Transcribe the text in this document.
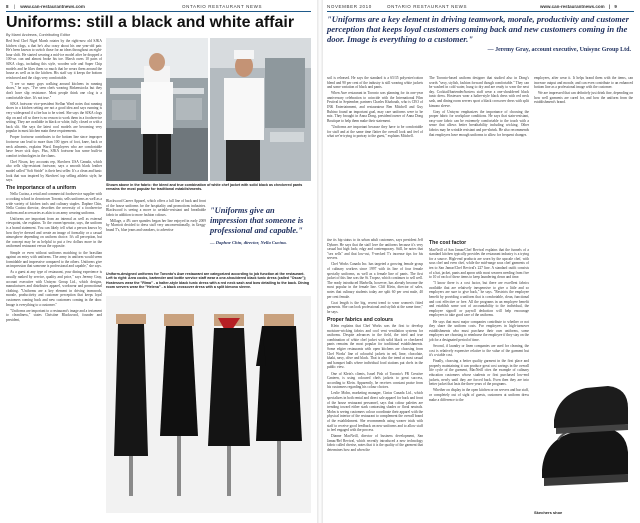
8 | www.can-restaurantnews.com	ONTARIO RESTAURANT NEWS
Uniforms: still a black and white affair
By Marni Andrews, Contributing Editor

Red Seal Chef Nigel Marsh rotates by the right-now old SJKA kitchen clogs, a that he's also crazy about his one year-old pair. He's been known to switch those for an ideas throughout an eight-hour shift. He started wearing a mid-ice model after he dropped a 100-oz. can and almost broke his toe. Marsh owns 10 pairs of SJKA clogs, including this style, wooden sole and Super Chip models and he likes them so much that he wears them around the house as well as in the kitchen. His staff say it keeps the bottom reinforced and the clogs very comfortable.

"I see so many guys walking around kitchens in running shoes," he says. "I've seen chefs wearing Birkenstocks but they don't have slip resistance. Most people think one clog is a comfortable shoe. It's not true."

SJKA footwear vice-president Stellan Ward notes that running shoes in a kitchen setting are not a good idea and says running is very widespread if a fire has to be wired. She says the SJKA clogs slip on and off so there is no reason to work them in a foodservice setting. They are available in black or white, fully closed or with a back slit. She says the latest cool models are becoming very popular in most kitchen main these requirements.

Proper footwear contributes to the bottom line since improper footwear can lead to more than 100 types of foot, knee, back or neck ailments, explains Ward. Employees who are comfortable have fewer sick days. Plus, SJKA footwear has some built-in comfort technologies in the clams.

Chef Nixon, key accounts rep, Skechers USA Canada, which also sells slip-resistant footwear, says a smooth black leather model called "Soft Stride" is their best seller. It's a clean and basic look that was inspired by Skechers' top selling athletic style, he says.

The importance of a uniform

Nella Cucina, a retail and commercial foodservice supplier with a cooking school in downtown Toronto, sells uniforms as well as a wide variety of kitchen tools and culinary staples. Daphne Chin, Nella Cucina director, describes the necessity of a foodservice uniform and accessories as akin to an army wearing uniforms.

Uniforms are important from an internal as well as external viewpoint, she explains. To the owner/operator, says, the uniform is a brand statement. You can likely tell what a person knows by how they're dressed and create an image of formality or a casual atmosphere depending on uniform choice. It's all perception, but the concept may be as helpful to put a few dollars more in the uniformed restaurant versus the opposite.

Simple or even without uniforms matching to the brasilian against an entry with uniforms. The army in uniform would seem formidable and impressive compared to the others. Uniforms give an impression that someone is professional and capable," she says.

As a guest at any type of restaurant, your dining experience is usually ranked by service, quality and price," says Jeremy Gray, account executive with Unisync Group Ltd., which designs, manufactures and distributes apparel, workwear and promotional clothing. "Uniforms are a key element in driving teamwork, morale, productivity and customer perception that keeps loyal customers coming back and new customers coming in the door. Image is everything to a customer."

"Uniforms are important to a restaurant's image and a testament to cleanliness," states Christine Blackwood, founder and president,

Shown above in the fabric: the bleed and true combination of white chef jacket with solid black as checkered pants remains the most popular for traditional establishments.

Blackwood Career Apparel, which offers a full line of back and front of the house uniforms for the hospitality and promotions industries. Blackwood is seeing a move to wrinkle-resistant and breathable fabric in addition to more fashion colours.

Millage, a 4% user spandex began her line enjoyed in early 2009 by Marriott decided to dress staff very unconventionally, in Gregg-brand T's, blue jeans and sneakers, to advertise

"Uniforms give an impression that someone is professional and capable."
— Daphne Chin, director, Nella Cucina.
Uniform-designed uniforms for Toronto's Awe restaurant are categorized according to job function at the restaurant. Left to right: Area cooks, bartender and bottle service staff wear a one-shouldered black tunic dress (called "Oscar"); Hostesses wear the "Rima" - a halter-style black tunic dress with a red neck sash and bow detailing to the back. Dining room servers wear the "Helena" - a black crossover dress with a split kimono sleeve.
NOVEMBER 2010	ONTARIO RESTAURANT NEWS	www.can-restaurantnews.com | 9
"Uniforms are a key element in driving teamwork, morale, productivity and customer perception that keeps loyal customers coming back and new customers coming in the door. Image is everything to a customer."
— Jeremy Gray, account executive, Unisync Group Ltd.

soil is released. He says the standard is a 65/35 polyester/cotton blend and 90 per cent of the industry is still wearing white jackets and some variation of black and pants.

When Awe restaurant in Toronto was planning for its one-year anniversary celebration to coincide with the International Film Festival in September, partners Charles Khabouth, who is CEO of INK Entertainment, and restaurateur Ben Mitchell and Guy Rubino found an important goal, may care uniforms were to be mix. They brought in Anna Dong, president/owner of Anna Dong Boutique to help them make their statement.

"Uniforms are important because they have to be comfortable for staff and at the same time flatter the overall look and feel of what we're trying to portray to the guest," explains Mitchell.

The Toronto-based uniform designer that studied also in Dong's words "sexy, stylish, fashion forward though comfortable." They can be washed in cold water, hung to dry and are ready to wear the next day. Cocktail/bartender/hostess staff wear a one-shouldered black tunic dress. Hostesses wear a halter-style black dress with red neck sash, and dining room servers sport a black crossover dress with split kimono sleeve.

Gray of Unisync emphasizes the importance of choosing the proper fabric for workplace conditions. He says that stain-resistant, easy-care fabric can be extremely comfortable to the touch with a sense that allows better breathability including wicking. Other fabrics may be wrinkle resistant and pre-shrink. He also recommends that employers have enough uniforms to allow for frequent changes.

employees, after wear it. It helps brand them with the items, can increase output and morale, and can even contribute to an enhanced bottom line as a professional image with the customer.

We are impressed that can definitely just drink fine, depending on how well garments are cared for, and how the uniform from the establishment's brand.

The cost factor

MacNeill of San Jamar/Chef Revival explains that the funnels of a standard kitchen typically provides the restaurant industry is a trying for a source. High-end products are worn by the upscale chef, with sous chef and even chef, while the mid-range sous chef garments of ten to San Jamar/Chef Revival's 227 line. A standard outfit consists of a hat, jacket, pants and apron with most wearers needing from five to 10 of each of these items to keep laundering down and time.

"I know there is a cost factor, but there are excellent fabrics available that are relatively inexpensive to give a little and so employers are sure to give back," he says. "Restricts the employee benefit by providing a uniform that is comfortable, clean, functional and cost effective or free. All the programs in an employee benefit and establish some sort of accountability to the individual, the employee signoff or payroll deduction will help encourage employees to take good care of the uniforms.

He says that most major companies contribute to whether or not they share the uniform costs. For employees in high-turnover establishments who must purchase their own uniforms, some employers are choosing to reimburse the employee if they stay on the job for a designated period of time.

Second, if laundry or linen companies are used for cleaning, the cost is relatively expensive relative to the value of the garment but it's a viable cost.

Finally, choosing a better quality garment in the first place and properly maintaining it can produce great cost savings in the overall life cycle of the garment, MacNeill cites the example of culinary education customers whose students or first purchased low-end jackets, newly until they are forced back. Even then they are into better jacket that lasts the three years of the programs.

Whether on display in the open kitchen or on servers and bar staff, or completely out of sight of guests, customers at uniform dress make a difference to the

tise its hip status to its urban adult customers, says president Jeff Dykner. He says that the staff love the uniforms because it's very casual but high look; edgy and contemporary. Still, he notes that "sex sells" and that low-cut, V-necked T's increase tips for his servers.

Chef Works Canada Inc. has targeted a growing female group of culinary workers since 1997 with its line of four female specialty uniforms, as well as a female line of pants. The first jacket of this line was the St. Tropez, which continues to sell well. The ready introduced Marbella, however, has already become the most popular in the female line. Cliff Klein, director of sales, notes that culinary students today are split 60 per cent male, 40 per cent female.

Coat length is the big, recent trend to wear women's fitted garments. She can look professional and stylish at the same time," he says.

Proper fabrics and colours

Klein explains that Chef Works was the first to develop moisture-wicking fabrics and cool vent ventilation systems for uniforms. Despite advances in the field, the tried and true combination of white chef jacket with solid black or checkered pants remains the most popular for traditional establishments. Some edgier restaurants with open kitchens are choosing from Chef Works' line of colourful jackets in red, lime, chocolate, khaki, navy, olive and black. That is also the trend at most casual and banquet halls where individual food stations put chefs in the public view.

One of Klein's clients, Israel Fish of Toronto's FR Creative Canteen, is using coloured chefs jackets to great success, according to Klein. Apparently, he receives constant praise from his customers regarding his colour choices.

Leslie Mohn, marketing manager, Cintas Canada Ltd., which specializes in both rental and direct sale apparel for back and front of the house restaurant personnel, says that colour palettes are trending toward either stark contrasting shades or floral neutrals. Mohn is seeing customers colour coordinate their apparel with the physical interior of the restaurant to complement the overall brand of the establishment. She recommends using wearer trials with staff to receive good feedback on new uniforms and to allow staff to feel engaged with the process.

Dianne MacNeill, director of business development, San Jamar/Bel Revival, which recently introduced a new technology fabric called cherise, notes that it is the quality of the garment that determines how and when the

Skechers shoe
